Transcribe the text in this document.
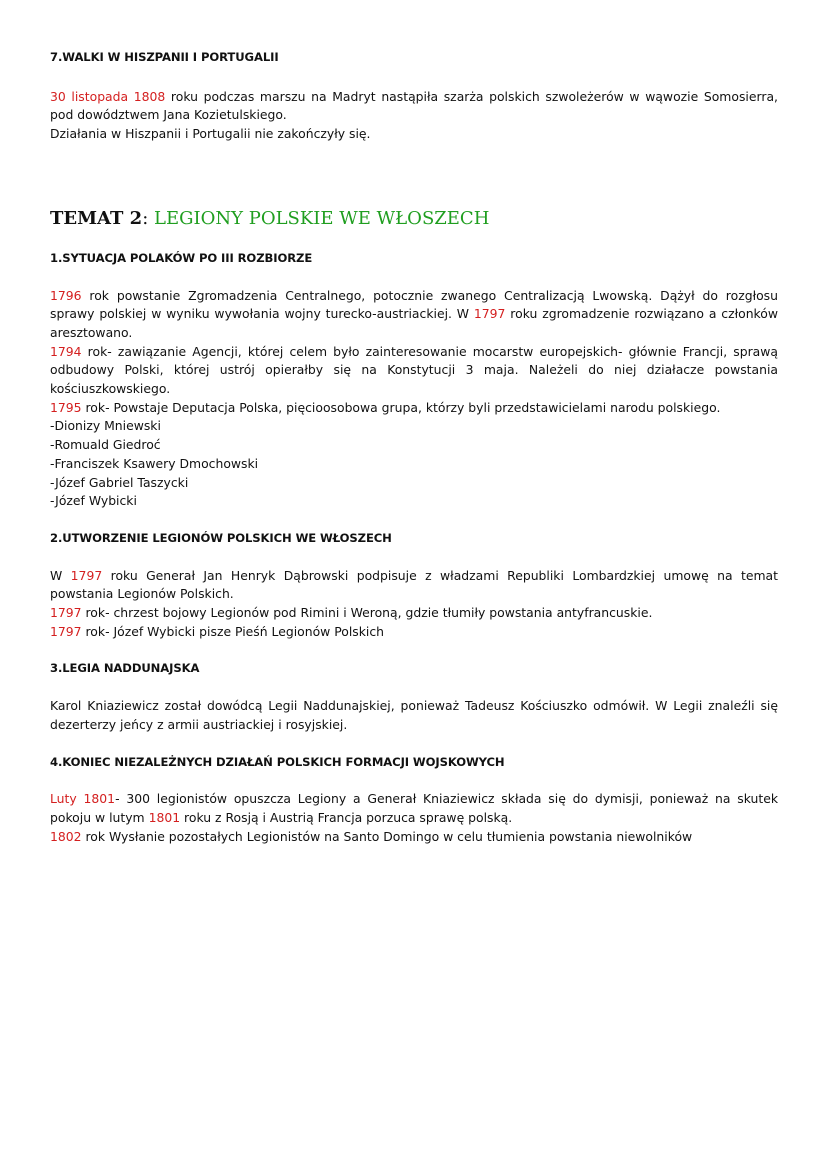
7.WALKI W HISZPANII I PORTUGALII

30 listopada 1808 roku podczas marszu na Madryt nastąpiła szarża polskich szwoleżerów w wąwozie Somosierra, pod dowództwem Jana Kozietulskiego.

Działania w Hiszpanii i Portugalii nie zakończyły się.

TEMAT 2: LEGIONY POLSKIE WE WŁOSZECH

1.SYTUACJA POLAKÓW PO III ROZBIORZE

1796 rok powstanie Zgromadzenia Centralnego, potocznie zwanego Centralizacją Lwowską. Dążył do rozgłosu sprawy polskiej w wyniku wywołania wojny turecko-austriackiej. W 1797 roku zgromadzenie rozwiązano a członków aresztowano.

1794 rok- zawiązanie Agencji, której celem było zainteresowanie mocarstw europejskich- głównie Francji, sprawą odbudowy Polski, której ustrój opierałby się na Konstytucji 3 maja. Należeli do niej działacze powstania kościuszkowskiego.

1795 rok- Powstaje Deputacja Polska, pięcioosobowa grupa, którzy byli przedstawicielami narodu polskiego.

-Dionizy Mniewski

-Romuald Giedroć

-Franciszek Ksawery Dmochowski

-Józef Gabriel Taszycki

-Józef Wybicki

2.UTWORZENIE LEGIONÓW POLSKICH WE WŁOSZECH

W 1797 roku Generał Jan Henryk Dąbrowski podpisuje z władzami Republiki Lombardzkiej umowę na temat powstania Legionów Polskich.

1797 rok- chrzest bojowy Legionów pod Rimini i Weroną, gdzie tłumiły powstania antyfrancuskie.

1797 rok- Józef Wybicki pisze Pieśń Legionów Polskich

3.LEGIA NADDUNAJSKA

Karol Kniaziewicz został dowódcą Legii Naddunajskiej, ponieważ Tadeusz Kościuszko odmówił. W Legii znaleźli się dezerterzy jeńcy z armii austriackiej i rosyjskiej.

4.KONIEC NIEZALEŻNYCH DZIAŁAŃ POLSKICH FORMACJI WOJSKOWYCH

Luty 1801- 300 legionistów opuszcza Legiony a Generał Kniaziewicz składa się do dymisji, ponieważ na skutek pokoju w lutym 1801 roku z Rosją i Austrią Francja porzuca sprawę polską.

1802 rok Wysłanie pozostałych Legionistów na Santo Domingo w celu tłumienia powstania niewolników
